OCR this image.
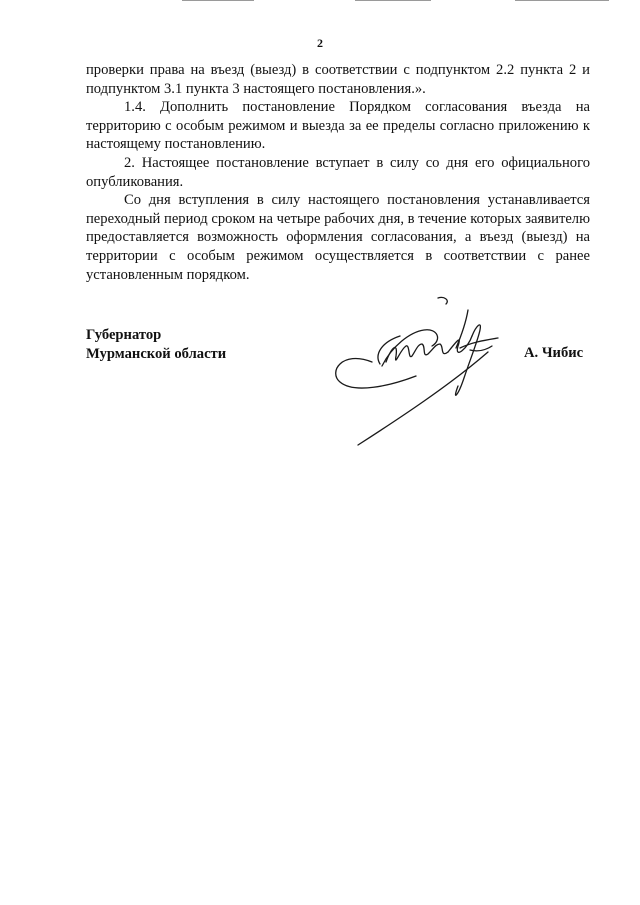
2

проверки права на въезд (выезд) в соответствии с подпунктом 2.2 пункта 2 и подпунктом 3.1 пункта 3 настоящего постановления.».

1.4. Дополнить постановление Порядком согласования въезда на территорию с особым режимом и выезда за ее пределы согласно приложению к настоящему постановлению.

2. Настоящее постановление вступает в силу со дня его официального опубликования.

Со дня вступления в силу настоящего постановления устанавливается переходный период сроком на четыре рабочих дня, в течение которых заявителю предоставляется возможность оформления согласования, а въезд (выезд) на территории с особым режимом осуществляется в соответствии с ранее установленным порядком.

Губернатор
Мурманской области	А. Чибис
